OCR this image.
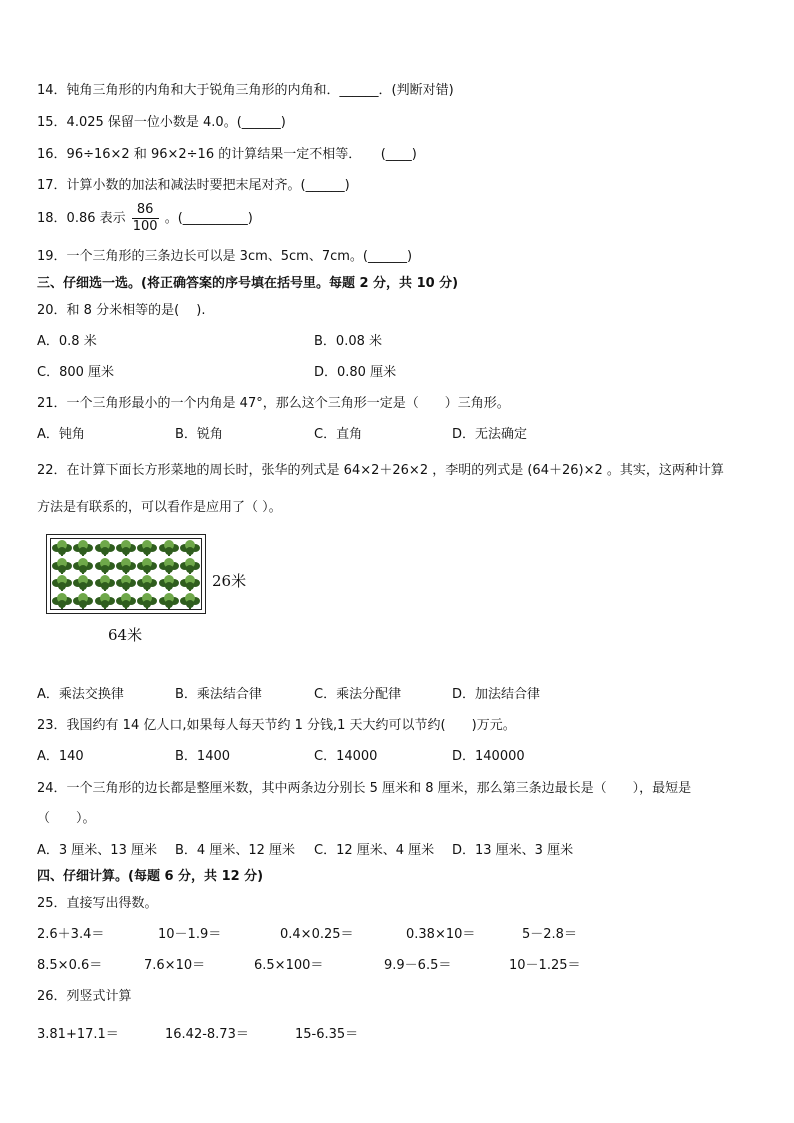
14．钝角三角形的内角和大于锐角三角形的内角和．______．(判断对错)
15．4.025 保留一位小数是 4.0。(______)
16．96÷16×2 和 96×2÷16 的计算结果一定不相等．　　(____)
17．计算小数的加法和减法时要把末尾对齐。(______)
18．0.86 表示 $\frac{86}{100}$ 。(__________)
19．一个三角形的三条边长可以是 3cm、5cm、7cm。(______)
三、仔细选一选。(将正确答案的序号填在括号里。每题 2 分，共 10 分)
20．和 8 分米相等的是(　 ).
A．0.8 米	B．0.08 米
C．800 厘米	D．0.80 厘米
21．一个三角形最小的一个内角是 47°，那么这个三角形一定是（　　）三角形。
A．钝角	B．锐角	C．直角	D．无法确定
22．在计算下面长方形菜地的周长时，张华的列式是 64×2＋26×2 ，李明的列式是 (64＋26)×2 。其实，这两种计算
方法是有联系的，可以看作是应用了（ ）。
26米
64米
A．乘法交换律	B．乘法结合律	C．乘法分配律	D．加法结合律
23．我国约有 14 亿人口,如果每人每天节约 1 分钱,1 天大约可以节约(　　)万元。
A．140	B．1400	C．14000	D．140000
24．一个三角形的边长都是整厘米数，其中两条边分别长 5 厘米和 8 厘米，那么第三条边最长是（　　），最短是
（　　）。
A．3 厘米、13 厘米 B．4 厘米、12 厘米 C．12 厘米、4 厘米 D．13 厘米、3 厘米
四、仔细计算。(每题 6 分，共 12 分)
25．直接写出得数。
2.6＋3.4＝	10－1.9＝	0.4×0.25＝	0.38×10＝	5－2.8＝
8.5×0.6＝	7.6×10＝	6.5×100＝	9.9－6.5＝	10－1.25＝
26．列竖式计算
3.81+17.1＝	16.42-8.73＝	15-6.35＝
